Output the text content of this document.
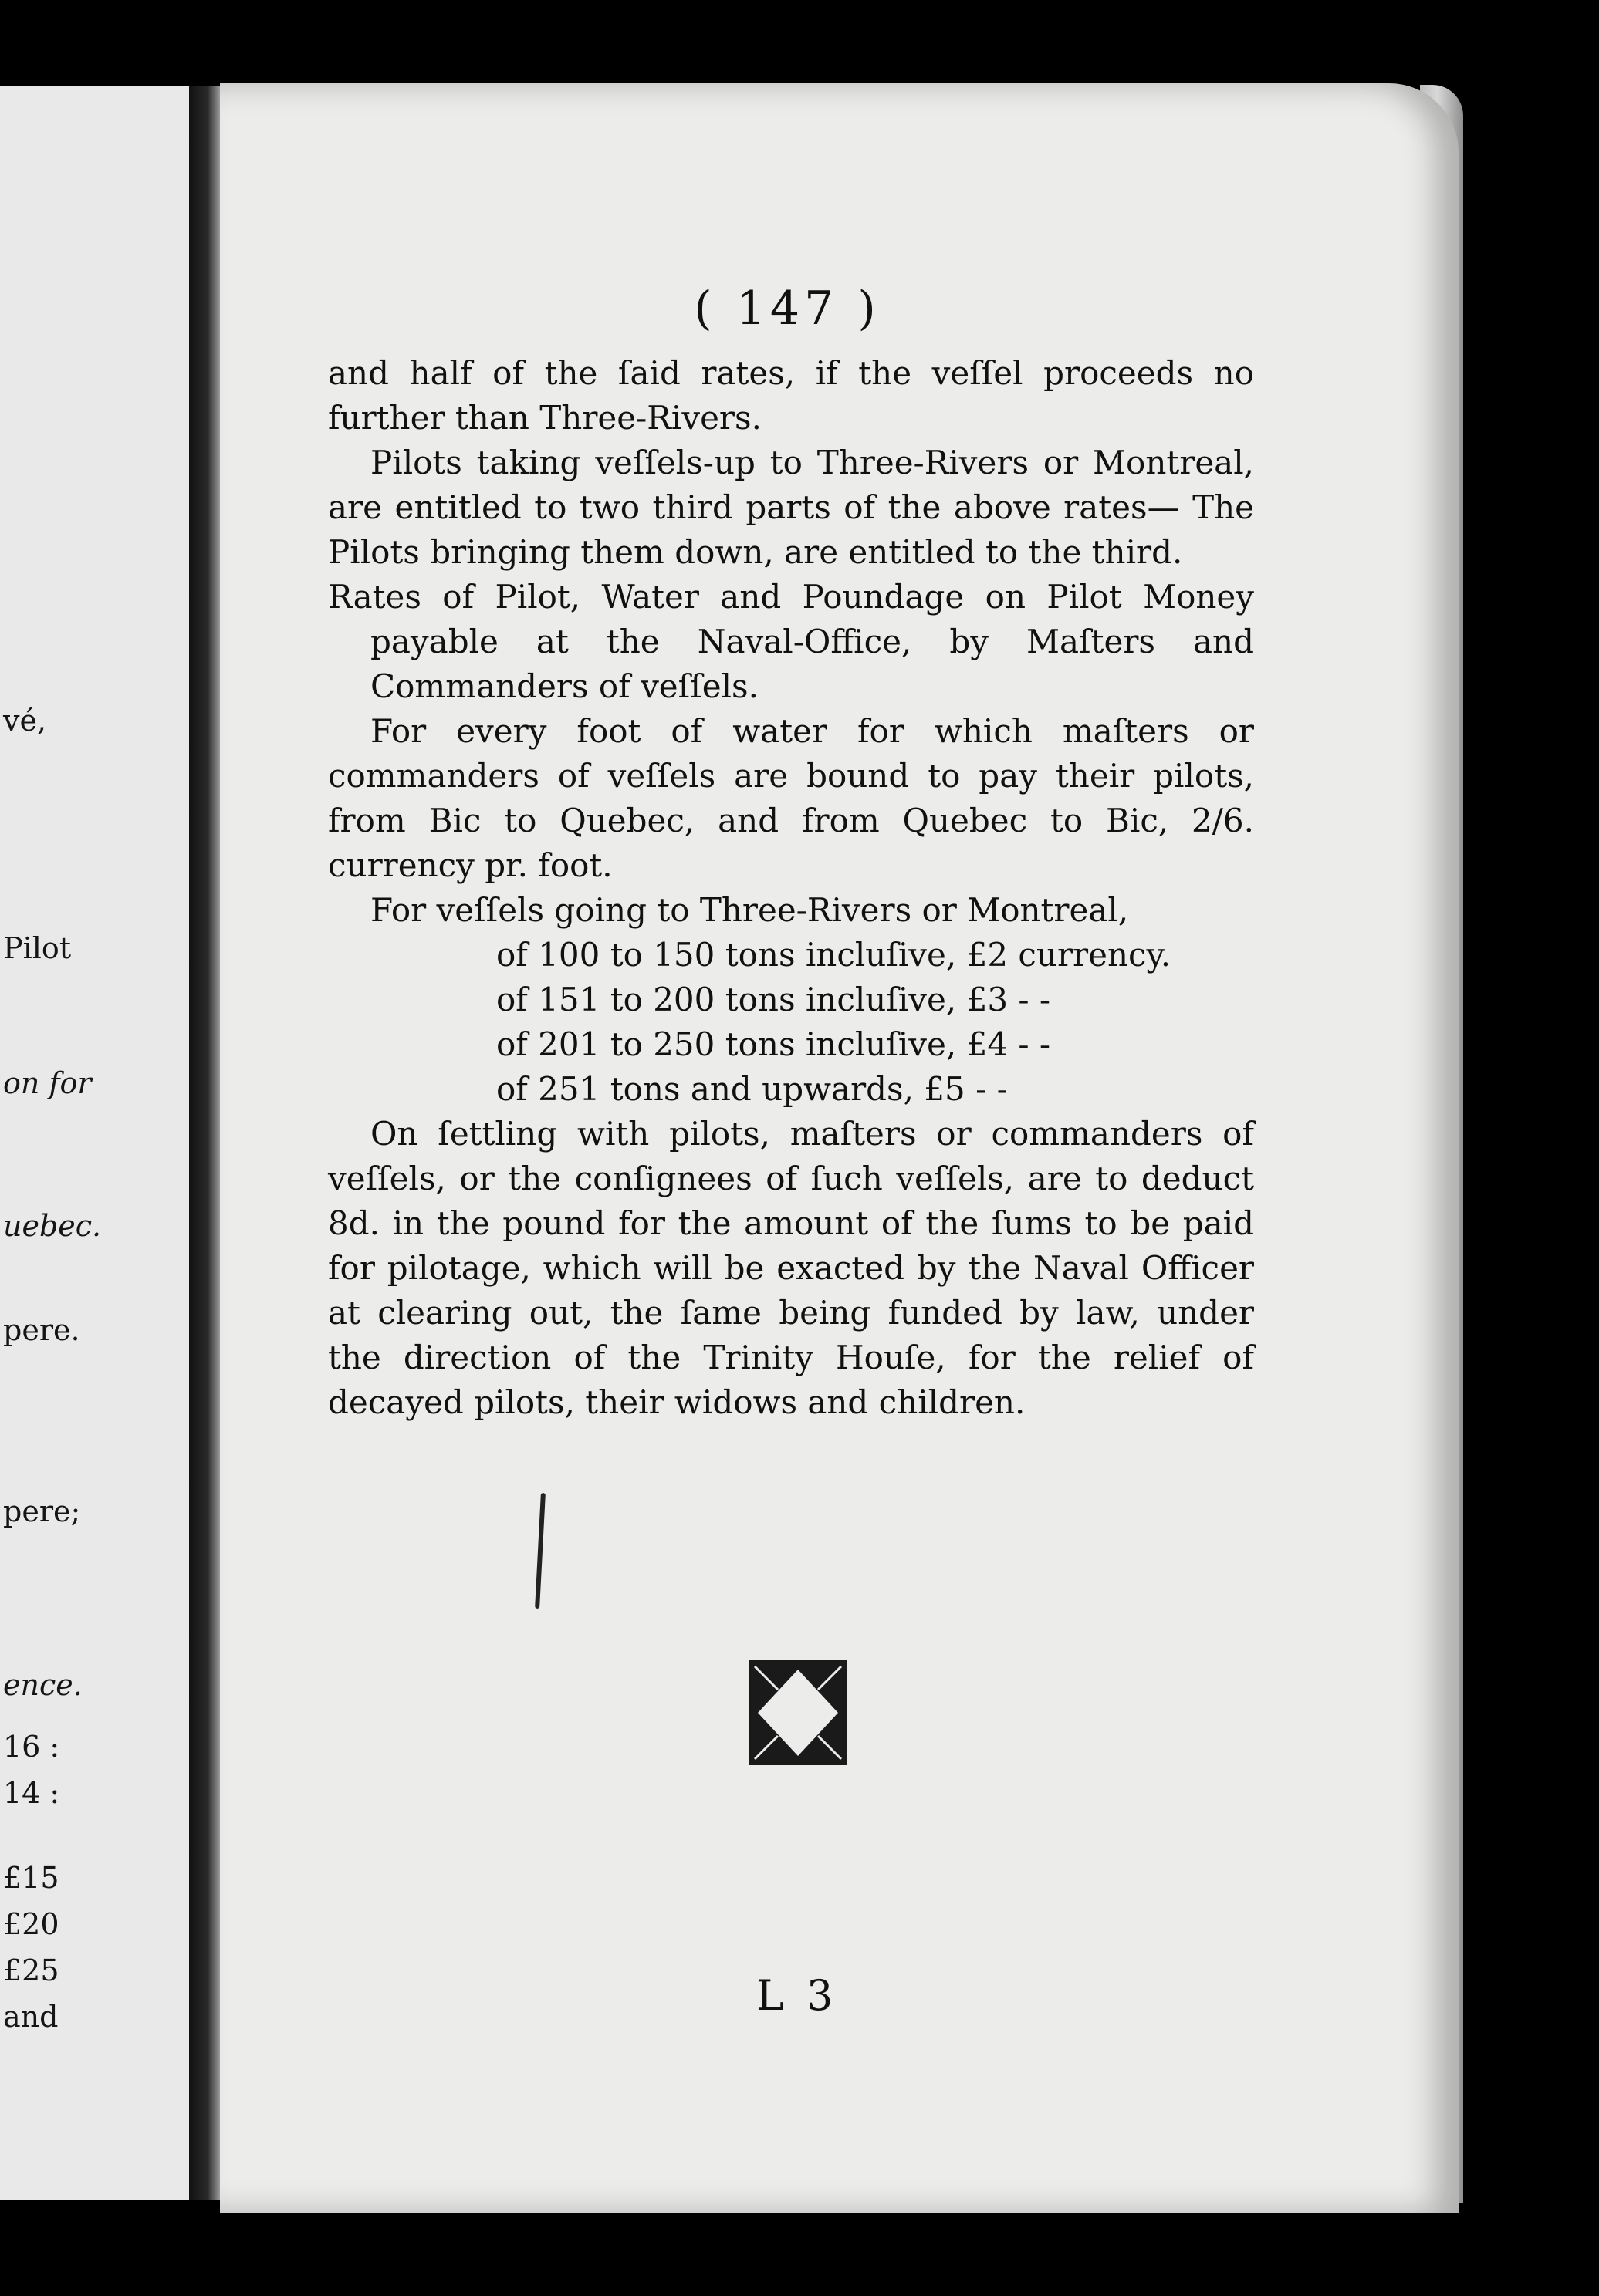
vé,
Pilot
on for
uebec.
pere.
pere;
ence.
16 :
14 :
£15
£20
£25
and
( 147 )

and half of the ſaid rates, if the veſſel proceeds no further than Three-Rivers.

Pilots taking veſſels-up to Three-Rivers or Montreal, are entitled to two third parts of the above rates— The Pilots bringing them down, are entitled to the third.

Rates of Pilot, Water and Poundage on Pilot Money payable at the Naval-Office, by Maſters and Commanders of veſſels.

For every foot of water for which maſters or commanders of veſſels are bound to pay their pilots, from Bic to Quebec, and from Quebec to Bic, 2/6. currency pr. foot.

For veſſels going to Three-Rivers or Montreal,

of 100 to 150 tons incluſive, £2 currency.
of 151 to 200 tons incluſive, £3 - -
of 201 to 250 tons incluſive, £4 - -
of 251 tons and upwards, £5 - -

On ſettling with pilots, maſters or commanders of veſſels, or the conſignees of ſuch veſſels, are to deduct 8d. in the pound for the amount of the ſums to be paid for pilotage, which will be exacted by the Naval Officer at clearing out, the ſame being funded by law, under the direction of the Trinity Houſe, for the relief of decayed pilots, their widows and children.

L 3
